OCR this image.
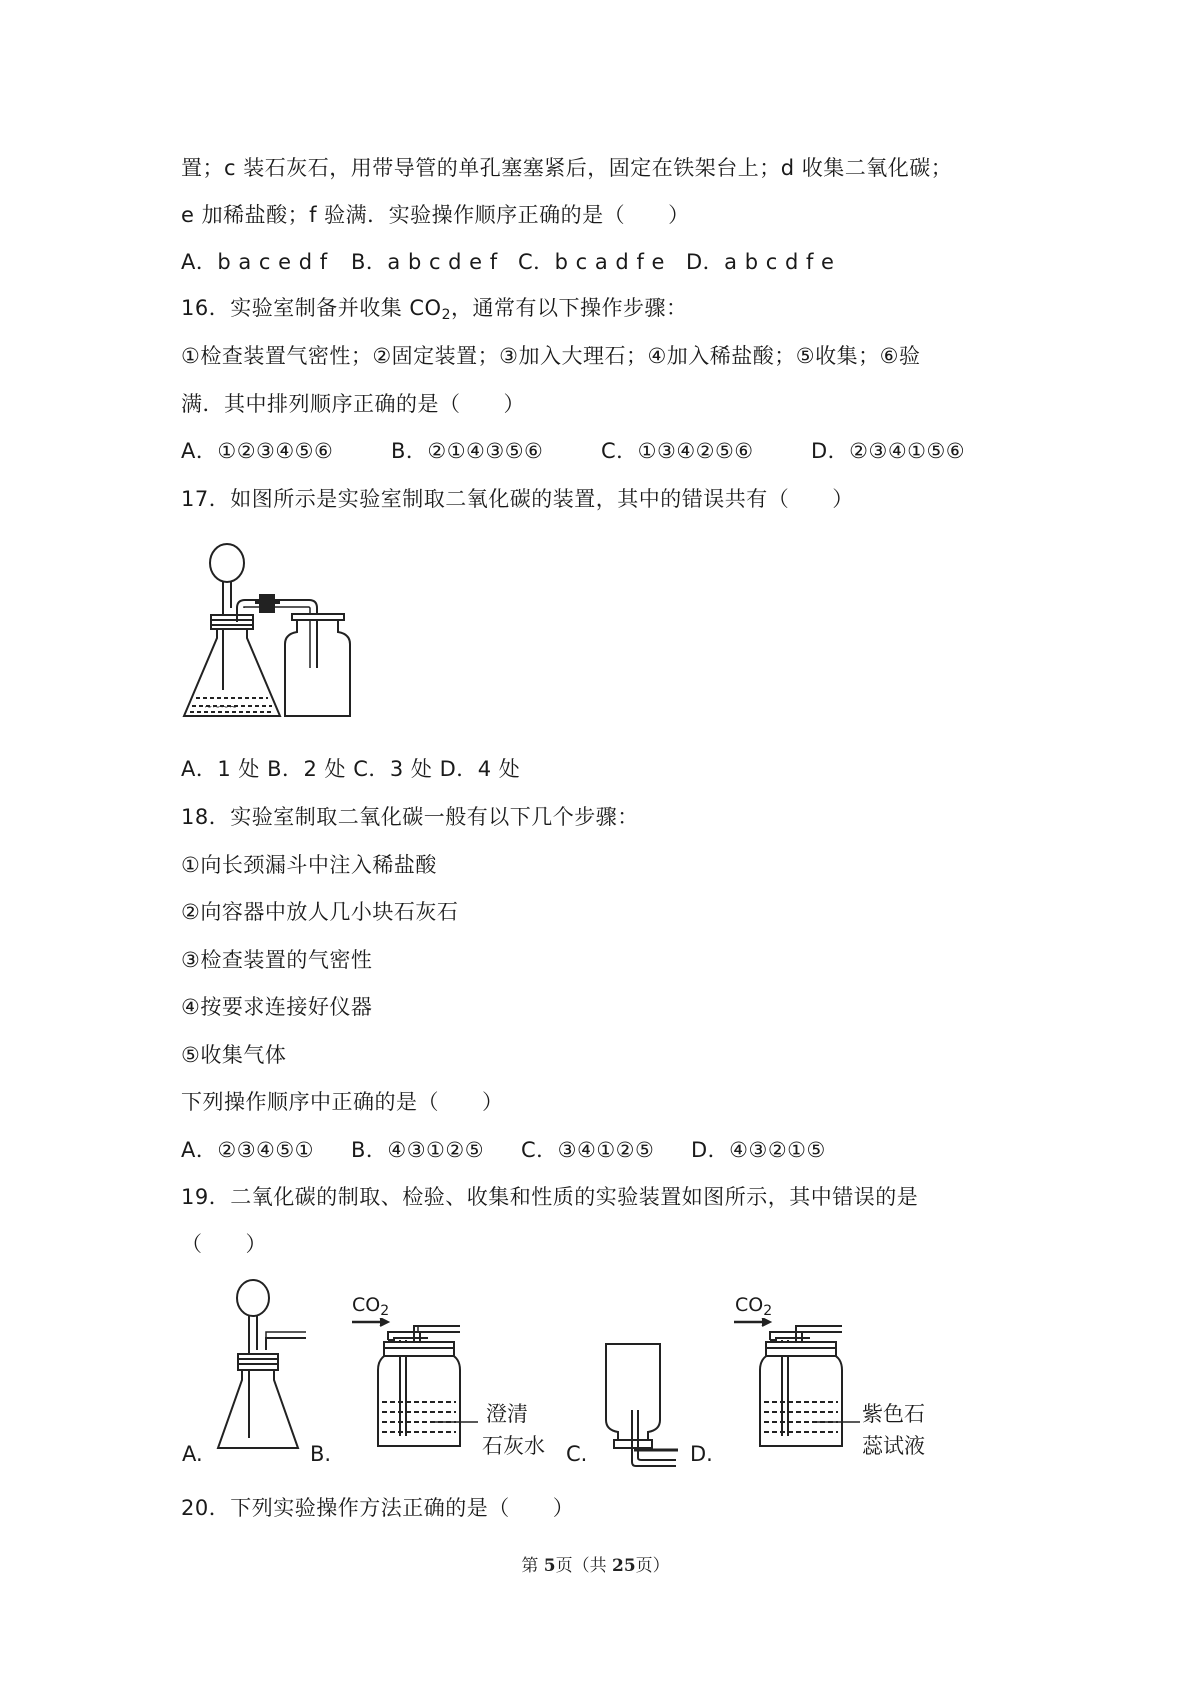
置；c 装石灰石，用带导管的单孔塞塞紧后，固定在铁架台上；d 收集二氧化碳；
e 加稀盐酸；f 验满．实验操作顺序正确的是（　　）
A．b a c e d f B．a b c d e f C．b c a d f e D．a b c d f e
16．实验室制备并收集 $CO_2$，通常有以下操作步骤：
①检查装置气密性；②固定装置；③加入大理石；④加入稀盐酸；⑤收集；⑥验
满．其中排列顺序正确的是（　　）
A．①②③④⑤⑥	B．②①④③⑤⑥	C．①③④②⑤⑥	D．②③④①⑤⑥
17．如图所示是实验室制取二氧化碳的装置，其中的错误共有（　　）
~~~~
A．1 处 B．2 处 C．3 处 D．4 处
18．实验室制取二氧化碳一般有以下几个步骤：
①向长颈漏斗中注入稀盐酸
②向容器中放人几小块石灰石
③检查装置的气密性
④按要求连接好仪器
⑤收集气体
下列操作顺序中正确的是（　　）
A．②③④⑤① B．④③①②⑤ C．③④①②⑤ D．④③②①⑤
19．二氧化碳的制取、检验、收集和性质的实验装置如图所示，其中错误的是
（　　）
A.	B.
$CO_2$
澄清
石灰水 C.	D.
$CO_2$
紫色石
蕊试液
20．下列实验操作方法正确的是（　　）
第 5页（共 25页）
